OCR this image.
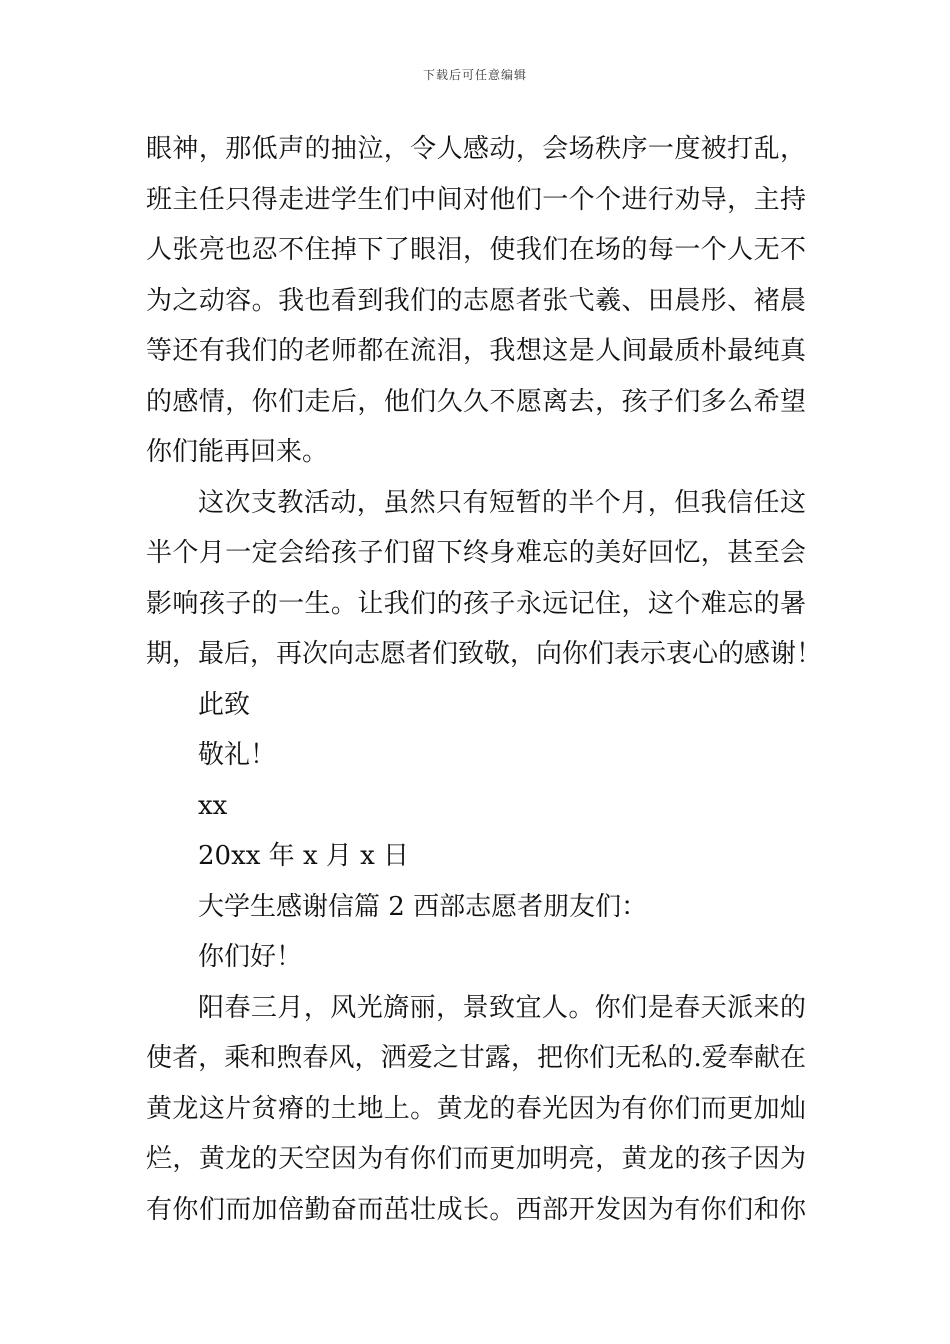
下载后可任意编辑
眼神，那低声的抽泣，令人感动，会场秩序一度被打乱，
班主任只得走进学生们中间对他们一个个进行劝导，主持
人张亮也忍不住掉下了眼泪，使我们在场的每一个人无不
为之动容。我也看到我们的志愿者张弋羲、田晨彤、褚晨
等还有我们的老师都在流泪，我想这是人间最质朴最纯真
的感情，你们走后，他们久久不愿离去，孩子们多么希望
你们能再回来。
这次支教活动，虽然只有短暂的半个月，但我信任这
半个月一定会给孩子们留下终身难忘的美好回忆，甚至会
影响孩子的一生。让我们的孩子永远记住，这个难忘的暑
期，最后，再次向志愿者们致敬，向你们表示衷心的感谢！
此致
敬礼！
xx
20xx 年 x 月 x 日
大学生感谢信篇 2 西部志愿者朋友们：
你们好！
阳春三月，风光旖丽，景致宜人。你们是春天派来的
使者，乘和煦春风，洒爱之甘露，把你们无私的.爱奉献在
黄龙这片贫瘠的土地上。黄龙的春光因为有你们而更加灿
烂，黄龙的天空因为有你们而更加明亮，黄龙的孩子因为
有你们而加倍勤奋而茁壮成长。西部开发因为有你们和你
